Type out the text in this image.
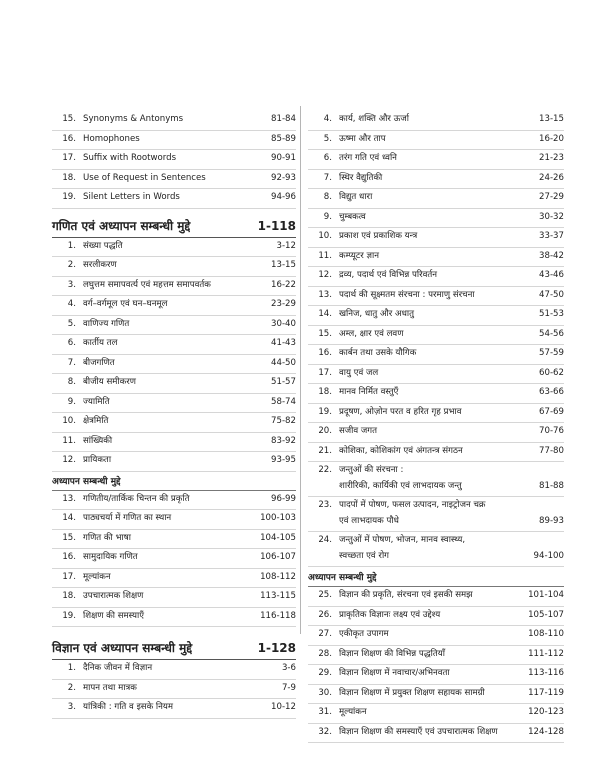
15. Synonyms & Antonyms	81-84
16. Homophones	85-89
17. Suffix with Rootwords	90-91
18. Use of Request in Sentences	92-93
19. Silent Letters in Words	94-96
गणित एवं अध्यापन सम्बन्धी मुद्दे	1-118
1. संख्या पद्धति	3-12
2. सरलीकरण	13-15
3. लघुत्तम समापवर्त्य एवं महत्तम समापवर्तक	16-22
4. वर्ग–वर्गमूल एवं घन–घनमूल	23-29
5. वाणिज्य गणित	30-40
6. कार्तीय तल	41-43
7. बीजगणित	44-50
8. बीजीय समीकरण	51-57
9. ज्यामिति	58-74
10. क्षेत्रमिति	75-82
11. सांख्यिकी	83-92
12. प्रायिकता	93-95
अध्यापन सम्बन्धी मुद्दे
13. गणितीय/तार्किक चिन्तन की प्रकृति	96-99
14. पाठ्यचर्या में गणित का स्थान	100-103
15. गणित की भाषा	104-105
16. सामुदायिक गणित	106-107
17. मूल्यांकन	108-112
18. उपचारात्मक शिक्षण	113-115
19. शिक्षण की समस्याएँ	116-118
विज्ञान एवं अध्यापन सम्बन्धी मुद्दे	1-128
1. दैनिक जीवन में विज्ञान	3-6
2. मापन तथा मात्रक	7-9
3. यांत्रिकी : गति व इसके नियम	10-12
4. कार्य, शक्ति और ऊर्जा	13-15
5. ऊष्मा और ताप	16-20
6. तरंग गति एवं ध्वनि	21-23
7. स्थिर वैद्युतिकी	24-26
8. विद्युत धारा	27-29
9. चुम्बकत्व	30-32
10. प्रकाश एवं प्रकाशिक यन्त्र	33-37
11. कम्प्यूटर ज्ञान	38-42
12. द्रव्य, पदार्थ एवं विभिन्न परिवर्तन	43-46
13. पदार्थ की सूक्ष्मतम संरचना : परमाणु संरचना	47-50
14. खनिज, धातु और अधातु	51-53
15. अम्ल, क्षार एवं लवण	54-56
16. कार्बन तथा उसके यौगिक	57-59
17. वायु एवं जल	60-62
18. मानव निर्मित वस्तुएँ	63-66
19. प्रदूषण, ओज़ोन परत व हरित गृह प्रभाव	67-69
20. सजीव जगत	70-76
21. कोशिका, कोशिकांग एवं अंगतन्त्र संगठन	77-80
22. जन्तुओं की संरचना :
शारीरिकी, कार्यिकी एवं लाभदायक जन्तु	81-88
23. पादपों में पोषण, फसल उत्पादन, नाइट्रोजन चक्र
एवं लाभदायक पौधे	89-93
24. जन्तुओं में पोषण, भोजन, मानव स्वास्थ्य,
स्वच्छता एवं रोग	94-100
अध्यापन सम्बन्धी मुद्दे
25. विज्ञान की प्रकृति, संरचना एवं इसकी समझ	101-104
26. प्राकृतिक विज्ञानः लक्ष्य एवं उद्देश्य	105-107
27. एकीकृत उपागम	108-110
28. विज्ञान शिक्षण की विभिन्न पद्धतियाँ	111-112
29. विज्ञान शिक्षण में नवाचार/अभिनवता	113-116
30. विज्ञान शिक्षण में प्रयुक्त शिक्षण सहायक सामग्री	117-119
31. मूल्यांकन	120-123
32. विज्ञान शिक्षण की समस्याएँ एवं उपचारात्मक शिक्षण	124-128
